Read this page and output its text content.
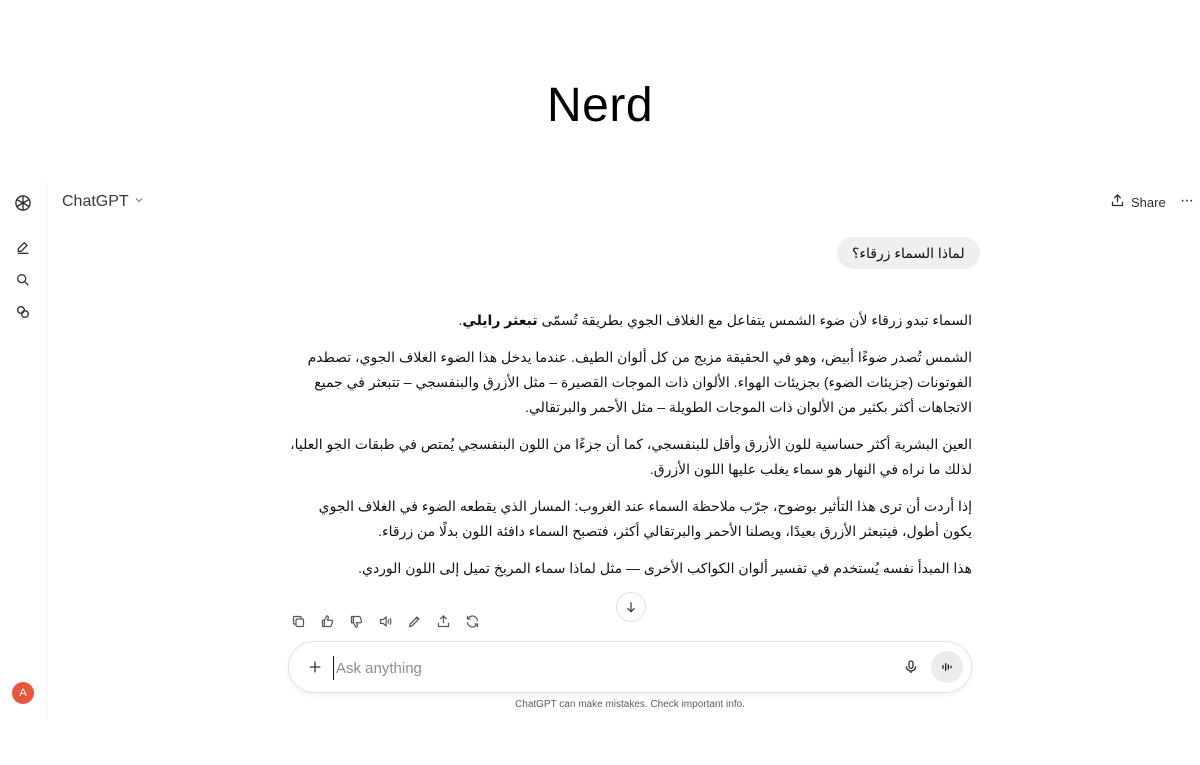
Nerd
A
ChatGPT	Share ···
لماذا السماء زرقاء؟

السماء تبدو زرقاء لأن ضوء الشمس يتفاعل مع الغلاف الجوي بطريقة تُسمّى تبعثر رايلي.

الشمس تُصدر ضوءًا أبيض، وهو في الحقيقة مزيج من كل ألوان الطيف. عندما يدخل هذا الضوء الغلاف الجوي، تصطدم الفوتونات (جزيئات الضوء) بجزيئات الهواء. الألوان ذات الموجات القصيرة – مثل الأزرق والبنفسجي – تتبعثر في جميع الاتجاهات أكثر بكثير من الألوان ذات الموجات الطويلة – مثل الأحمر والبرتقالي.

العين البشرية أكثر حساسية للون الأزرق وأقل للبنفسجي، كما أن جزءًا من اللون البنفسجي يُمتص في طبقات الجو العليا، لذلك ما نراه في النهار هو سماء يغلب عليها اللون الأزرق.

إذا أردت أن ترى هذا التأثير بوضوح، جرّب ملاحظة السماء عند الغروب: المسار الذي يقطعه الضوء في الغلاف الجوي يكون أطول، فيتبعثر الأزرق بعيدًا، ويصلنا الأحمر والبرتقالي أكثر، فتصبح السماء دافئة اللون بدلًا من زرقاء.

هذا المبدأ نفسه يُستخدم في تفسير ألوان الكواكب الأخرى — مثل لماذا سماء المريخ تميل إلى اللون الوردي.

Ask anything
ChatGPT can make mistakes. Check important info.
